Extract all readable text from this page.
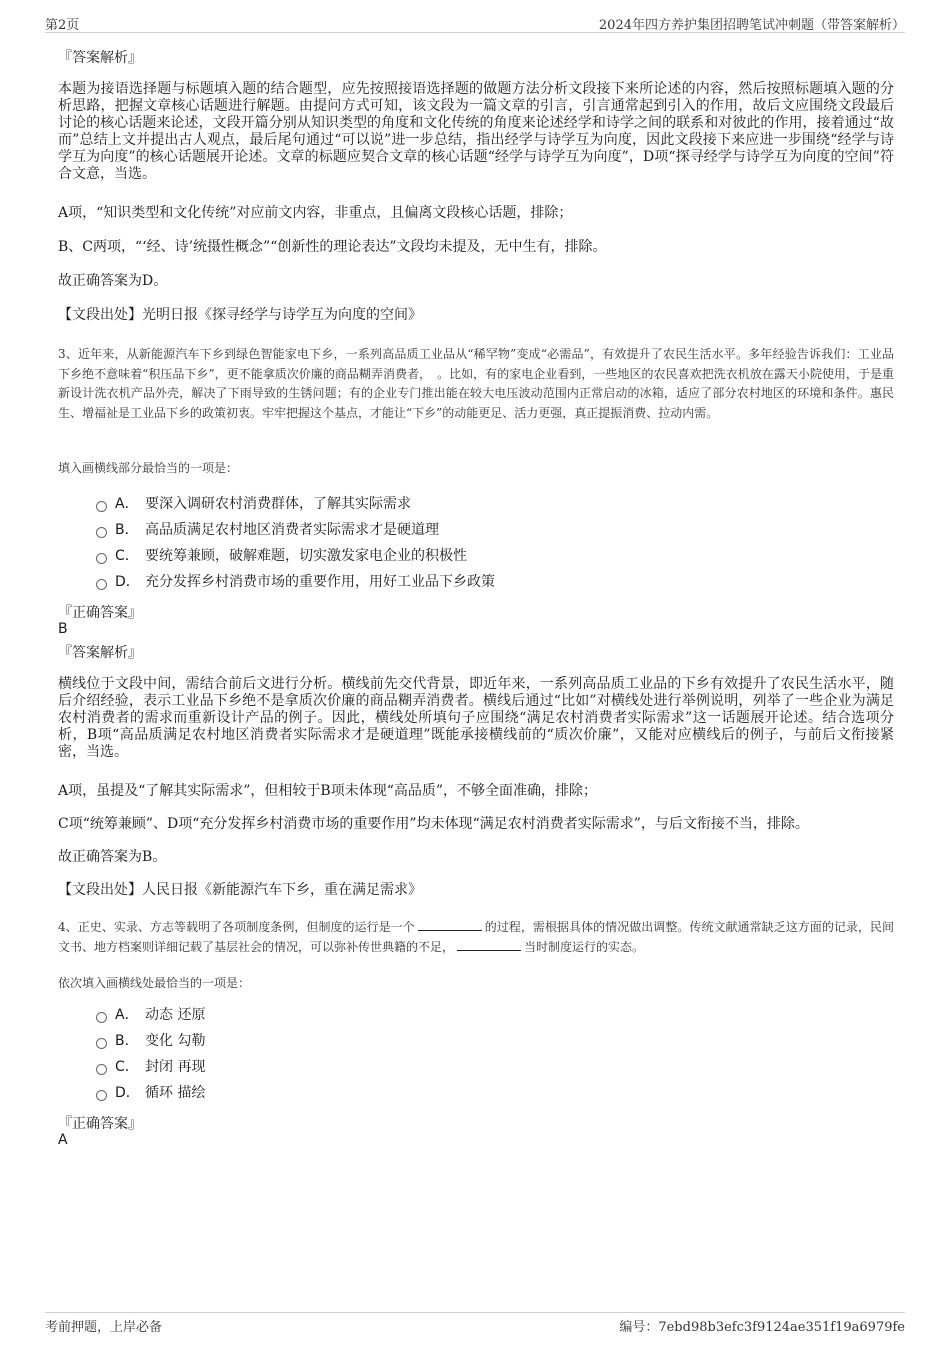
第2页	2024年四方养护集团招聘笔试冲刺题（带答案解析）
『答案解析』

本题为接语选择题与标题填入题的结合题型，应先按照接语选择题的做题方法分析文段接下来所论述的内容，然后按照标题填入题的分析思路，把握文章核心话题进行解题。由提问方式可知，该文段为一篇文章的引言，引言通常起到引入的作用，故后文应围绕文段最后讨论的核心话题来论述，文段开篇分别从知识类型的角度和文化传统的角度来论述经学和诗学之间的联系和对彼此的作用，接着通过“故而”总结上文并提出古人观点，最后尾句通过“可以说”进一步总结，指出经学与诗学互为向度，因此文段接下来应进一步围绕“经学与诗学互为向度”的核心话题展开论述。文章的标题应契合文章的核心话题“经学与诗学互为向度”，D项“探寻经学与诗学互为向度的空间”符合文意，当选。

A项，“知识类型和文化传统”对应前文内容，非重点，且偏离文段核心话题，排除；

B、C两项，“‘经、诗’统摄性概念”“创新性的理论表达”文段均未提及，无中生有，排除。

故正确答案为D。

【文段出处】光明日报《探寻经学与诗学互为向度的空间》

3、近年来，从新能源汽车下乡到绿色智能家电下乡，一系列高品质工业品从“稀罕物”变成“必需品”，有效提升了农民生活水平。多年经验告诉我们：工业品下乡绝不意味着“积压品下乡”，更不能拿质次价廉的商品糊弄消费者，　。比如，有的家电企业看到，一些地区的农民喜欢把洗衣机放在露天小院使用，于是重新设计洗衣机产品外壳，解决了下雨导致的生锈问题；有的企业专门推出能在较大电压波动范围内正常启动的冰箱，适应了部分农村地区的环境和条件。惠民生、增福祉是工业品下乡的政策初衷。牢牢把握这个基点，才能让“下乡”的动能更足、活力更强，真正提振消费、拉动内需。

填入画横线部分最恰当的一项是：
A． 要深入调研农村消费群体，了解其实际需求
B． 高品质满足农村地区消费者实际需求才是硬道理
C． 要统筹兼顾，破解难题，切实激发家电企业的积极性
D． 充分发挥乡村消费市场的重要作用，用好工业品下乡政策
『正确答案』
B
『答案解析』

横线位于文段中间，需结合前后文进行分析。横线前先交代背景，即近年来，一系列高品质工业品的下乡有效提升了农民生活水平，随后介绍经验，表示工业品下乡绝不是拿质次价廉的商品糊弄消费者。横线后通过“比如”对横线处进行举例说明，列举了一些企业为满足农村消费者的需求而重新设计产品的例子。因此，横线处所填句子应围绕“满足农村消费者实际需求”这一话题展开论述。结合选项分析，B项“高品质满足农村地区消费者实际需求才是硬道理”既能承接横线前的“质次价廉”，又能对应横线后的例子，与前后文衔接紧密，当选。

A项，虽提及“了解其实际需求”，但相较于B项未体现“高品质”，不够全面准确，排除；

C项“统筹兼顾”、D项“充分发挥乡村消费市场的重要作用”均未体现“满足农村消费者实际需求”，与后文衔接不当，排除。

故正确答案为B。

【文段出处】人民日报《新能源汽车下乡，重在满足需求》

4、正史、实录、方志等载明了各项制度条例，但制度的运行是一个	的过程，需根据具体的情况做出调整。传统文献通常缺乏这方面的记录，民间文书、地方档案则详细记载了基层社会的情况，可以弥补传世典籍的不足，	当时制度运行的实态。

依次填入画横线处最恰当的一项是：
A． 动态 还原
B． 变化 勾勒
C． 封闭 再现
D． 循环 描绘
『正确答案』
A
考前押题，上岸必备	编号：7ebd98b3efc3f9124ae351f19a6979fe
